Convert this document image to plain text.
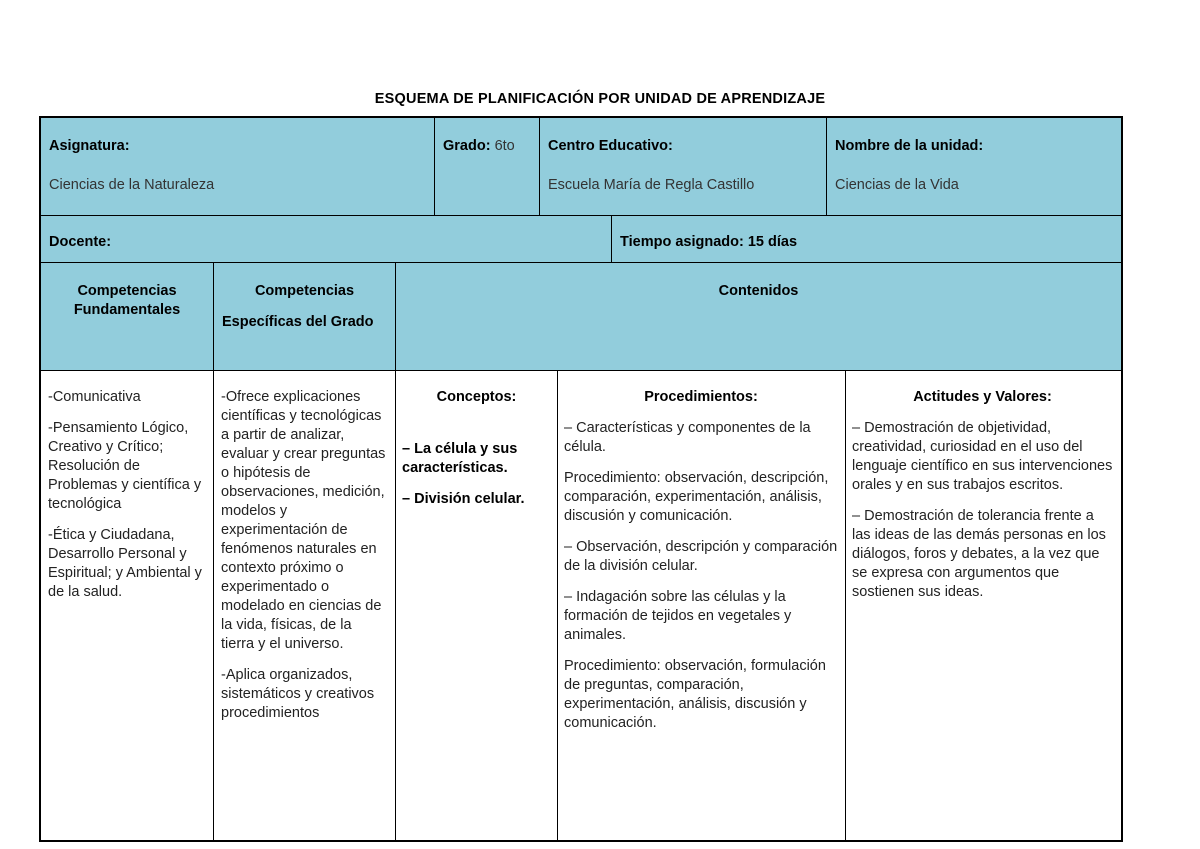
ESQUEMA DE PLANIFICACIÓN POR UNIDAD DE APRENDIZAJE
Asignatura:
Ciencias de la Naturaleza
Grado: 6to	Centro Educativo:
Escuela María de Regla Castillo
Nombre de la unidad:
Ciencias de la Vida
Docente:	Tiempo asignado: 15 días
Competencias Fundamentales
Competencias
Específicas del Grado
Contenidos

-Comunicativa

-Pensamiento Lógico, Creativo y Crítico; Resolución de Problemas y científica y tecnológica

-Ética y Ciudadana, Desarrollo Personal y Espiritual; y Ambiental y de la salud.

-Ofrece explicaciones científicas y tecnológicas a partir de analizar, evaluar y crear preguntas o hipótesis de observaciones, medición, modelos y experimentación de fenómenos naturales en contexto próximo o experimentado o modelado en ciencias de la vida, físicas, de la tierra y el universo.

-Aplica organizados, sistemáticos y creativos procedimientos

Conceptos:

– La célula y sus características.

– División celular.

Procedimientos:

– Características y componentes de la célula.

Procedimiento: observación, descripción, comparación, experimentación, análisis, discusión y comunicación.

– Observación, descripción y comparación de la división celular.

– Indagación sobre las células y la formación de tejidos en vegetales y animales.

Procedimiento: observación, formulación de preguntas, comparación, experimentación, análisis, discusión y comunicación.

Actitudes y Valores:

– Demostración de objetividad, creatividad, curiosidad en el uso del lenguaje científico en sus intervenciones orales y en sus trabajos escritos.

– Demostración de tolerancia frente a las ideas de las demás personas en los diálogos, foros y debates, a la vez que se expresa con argumentos que sostienen sus ideas.
